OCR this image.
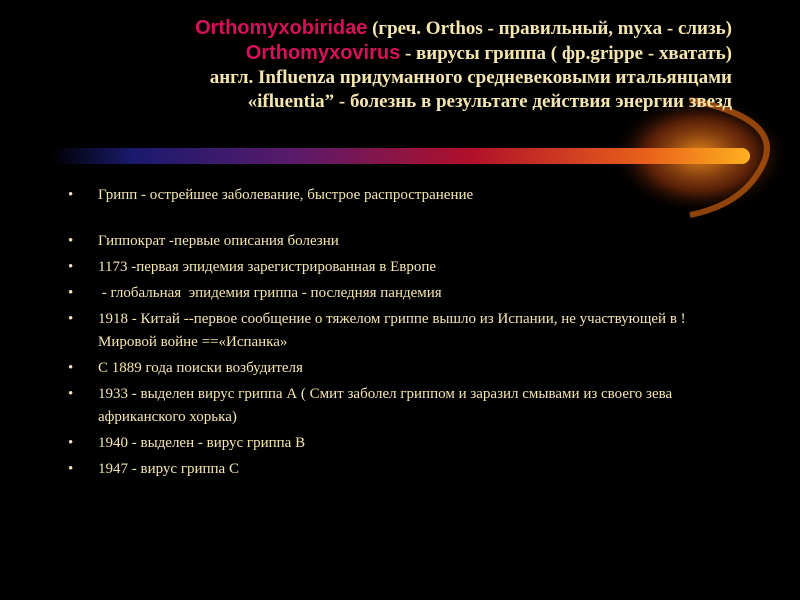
Orthomyxobiridae (греч. Orthos - правильный, myxa - слизь)
Orthomyxovirus - вирусы гриппа ( фр.grippe - хватать)
англ. Influenza придуманного средневековыми итальянцами
«ifluentia” - болезнь в результате действия энергии звезд
• Грипп - острейшее заболевание, быстрое распространение
• Гиппократ -первые описания болезни
• 1173 -первая эпидемия зарегистрированная в Европе
• - глобальная  эпидемия гриппа - последняя пандемия
• 1918 - Китай --первое сообщение о тяжелом гриппе вышло из Испании, не участвующей в ! Мировой войне ==«Испанка»
• С 1889 года поиски возбудителя
• 1933 - выделен вирус гриппа А ( Смит заболел гриппом и заразил смывами из своего зева африканского хорька)
• 1940 - выделен - вирус гриппа В
• 1947 - вирус гриппа С
